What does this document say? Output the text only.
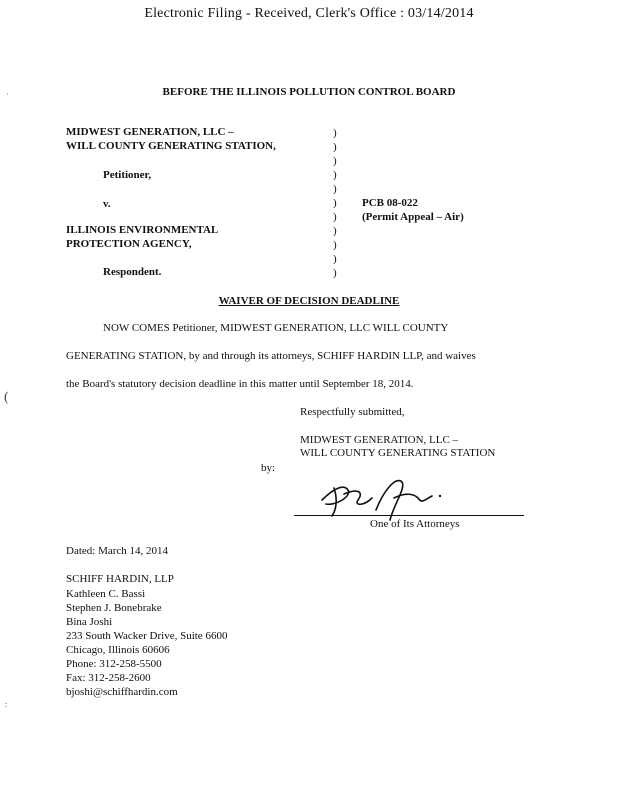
Electronic Filing - Received, Clerk's Office : 03/14/2014
BEFORE THE ILLINOIS POLLUTION CONTROL BOARD
MIDWEST GENERATION, LLC –
WILL COUNTY GENERATING STATION,
Petitioner,
v.
ILLINOIS ENVIRONMENTAL
PROTECTION AGENCY,
Respondent.
)
)
)
)
)
)
)
)
)
)
)
PCB 08-022
(Permit Appeal – Air)
WAIVER OF DECISION DEADLINE
NOW COMES Petitioner, MIDWEST GENERATION, LLC WILL COUNTY
GENERATING STATION, by and through its attorneys, SCHIFF HARDIN LLP, and waives
the Board's statutory decision deadline in this matter until September 18, 2014.
Respectfully submitted,
MIDWEST GENERATION, LLC –
WILL COUNTY GENERATING STATION
by:
One of Its Attorneys
Dated: March 14, 2014
SCHIFF HARDIN, LLP
Kathleen C. Bassi
Stephen J. Bonebrake
Bina Joshi
233 South Wacker Drive, Suite 6600
Chicago, Illinois 60606
Phone: 312-258-5500
Fax: 312-258-2600
bjoshi@schiffhardin.com
·
(
:
